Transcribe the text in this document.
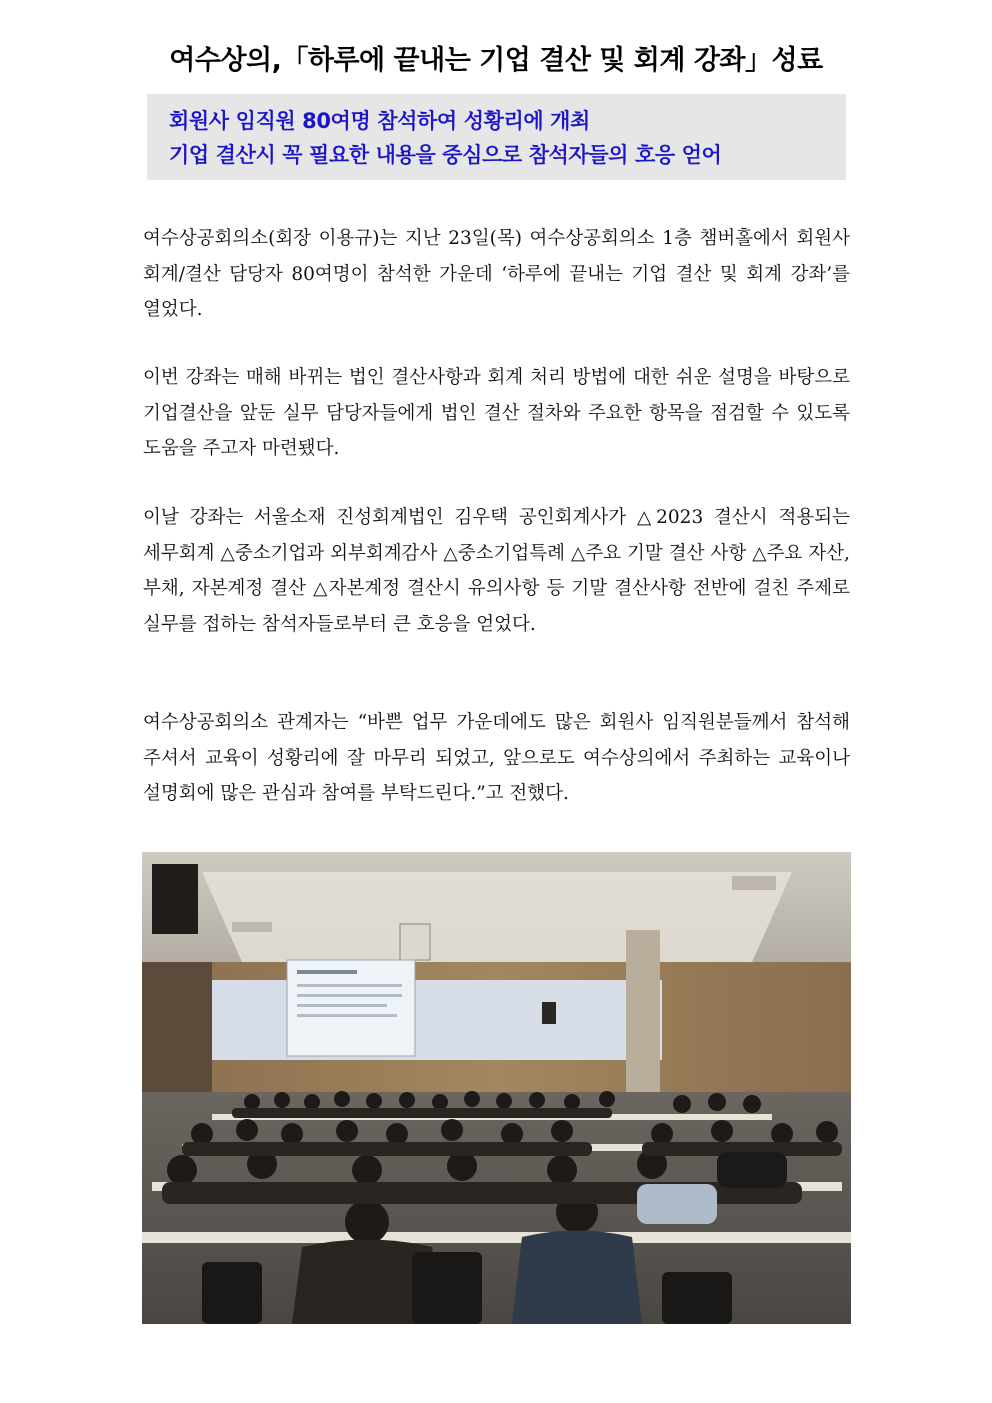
여수상의,「하루에 끝내는 기업 결산 및 회계 강좌」성료
회원사 임직원 80여명 참석하여 성황리에 개최
기업 결산시 꼭 필요한 내용을 중심으로 참석자들의 호응 얻어
여수상공회의소(회장 이용규)는 지난 23일(목) 여수상공회의소 1층 챔버홀에서 회원사 회계/결산 담당자 80여명이 참석한 가운데 ‘하루에 끝내는 기업 결산 및 회계 강좌’를 열었다.
이번 강좌는 매해 바뀌는 법인 결산사항과 회계 처리 방법에 대한 쉬운 설명을 바탕으로 기업결산을 앞둔 실무 담당자들에게 법인 결산 절차와 주요한 항목을 점검할 수 있도록 도움을 주고자 마련됐다.
이날 강좌는 서울소재 진성회계법인 김우택 공인회계사가 △2023 결산시 적용되는 세무회계 △중소기업과 외부회계감사 △중소기업특례 △주요 기말 결산 사항 △주요 자산, 부채, 자본계정 결산 △자본계정 결산시 유의사항 등 기말 결산사항 전반에 걸친 주제로 실무를 접하는 참석자들로부터 큰 호응을 얻었다.
여수상공회의소 관계자는 “바쁜 업무 가운데에도 많은 회원사 임직원분들께서 참석해 주셔서 교육이 성황리에 잘 마무리 되었고, 앞으로도 여수상의에서 주최하는 교육이나 설명회에 많은 관심과 참여를 부탁드린다.”고 전했다.
